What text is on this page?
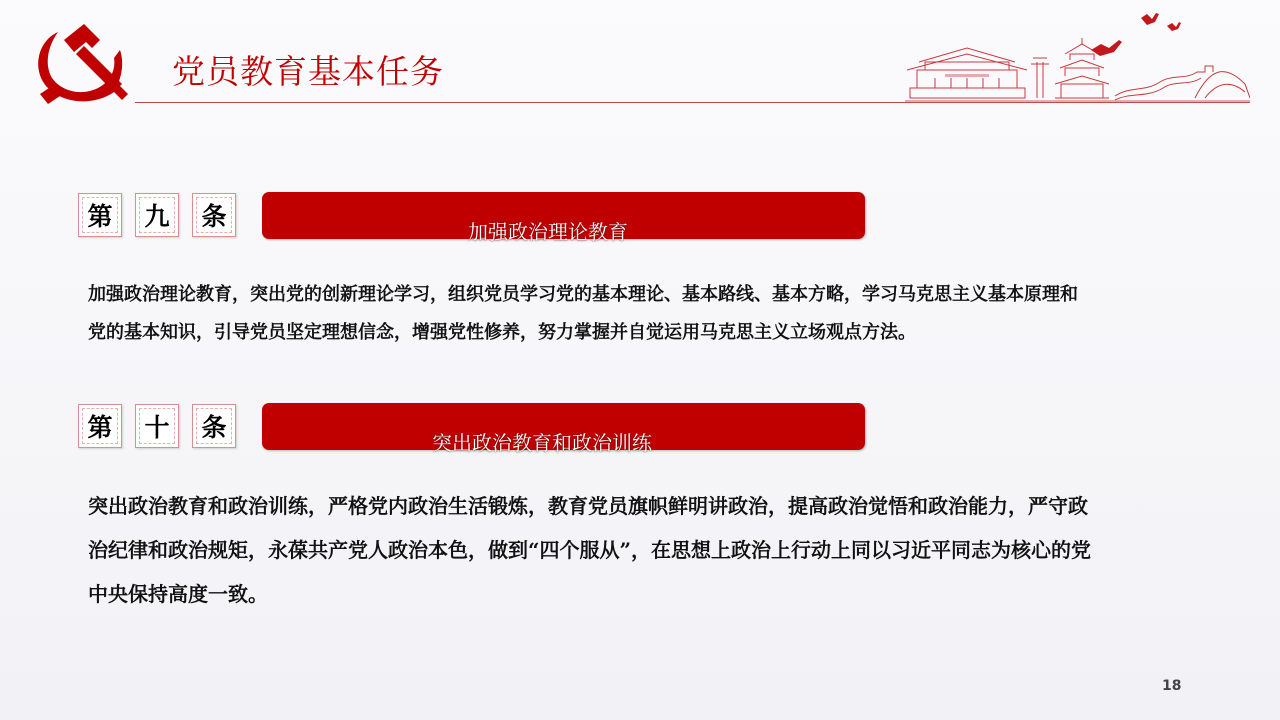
党员教育基本任务
第 九 条
加强政治理论教育
加强政治理论教育，突出党的创新理论学习，组织党员学习党的基本理论、基本路线、基本方略，学习马克思主义基本原理和党的基本知识，引导党员坚定理想信念，增强党性修养，努力掌握并自觉运用马克思主义立场观点方法。
第 十 条
突出政治教育和政治训练
突出政治教育和政治训练，严格党内政治生活锻炼，教育党员旗帜鲜明讲政治，提高政治觉悟和政治能力，严守政治纪律和政治规矩，永葆共产党人政治本色，做到“四个服从”，在思想上政治上行动上同以习近平同志为核心的党中央保持高度一致。
18
